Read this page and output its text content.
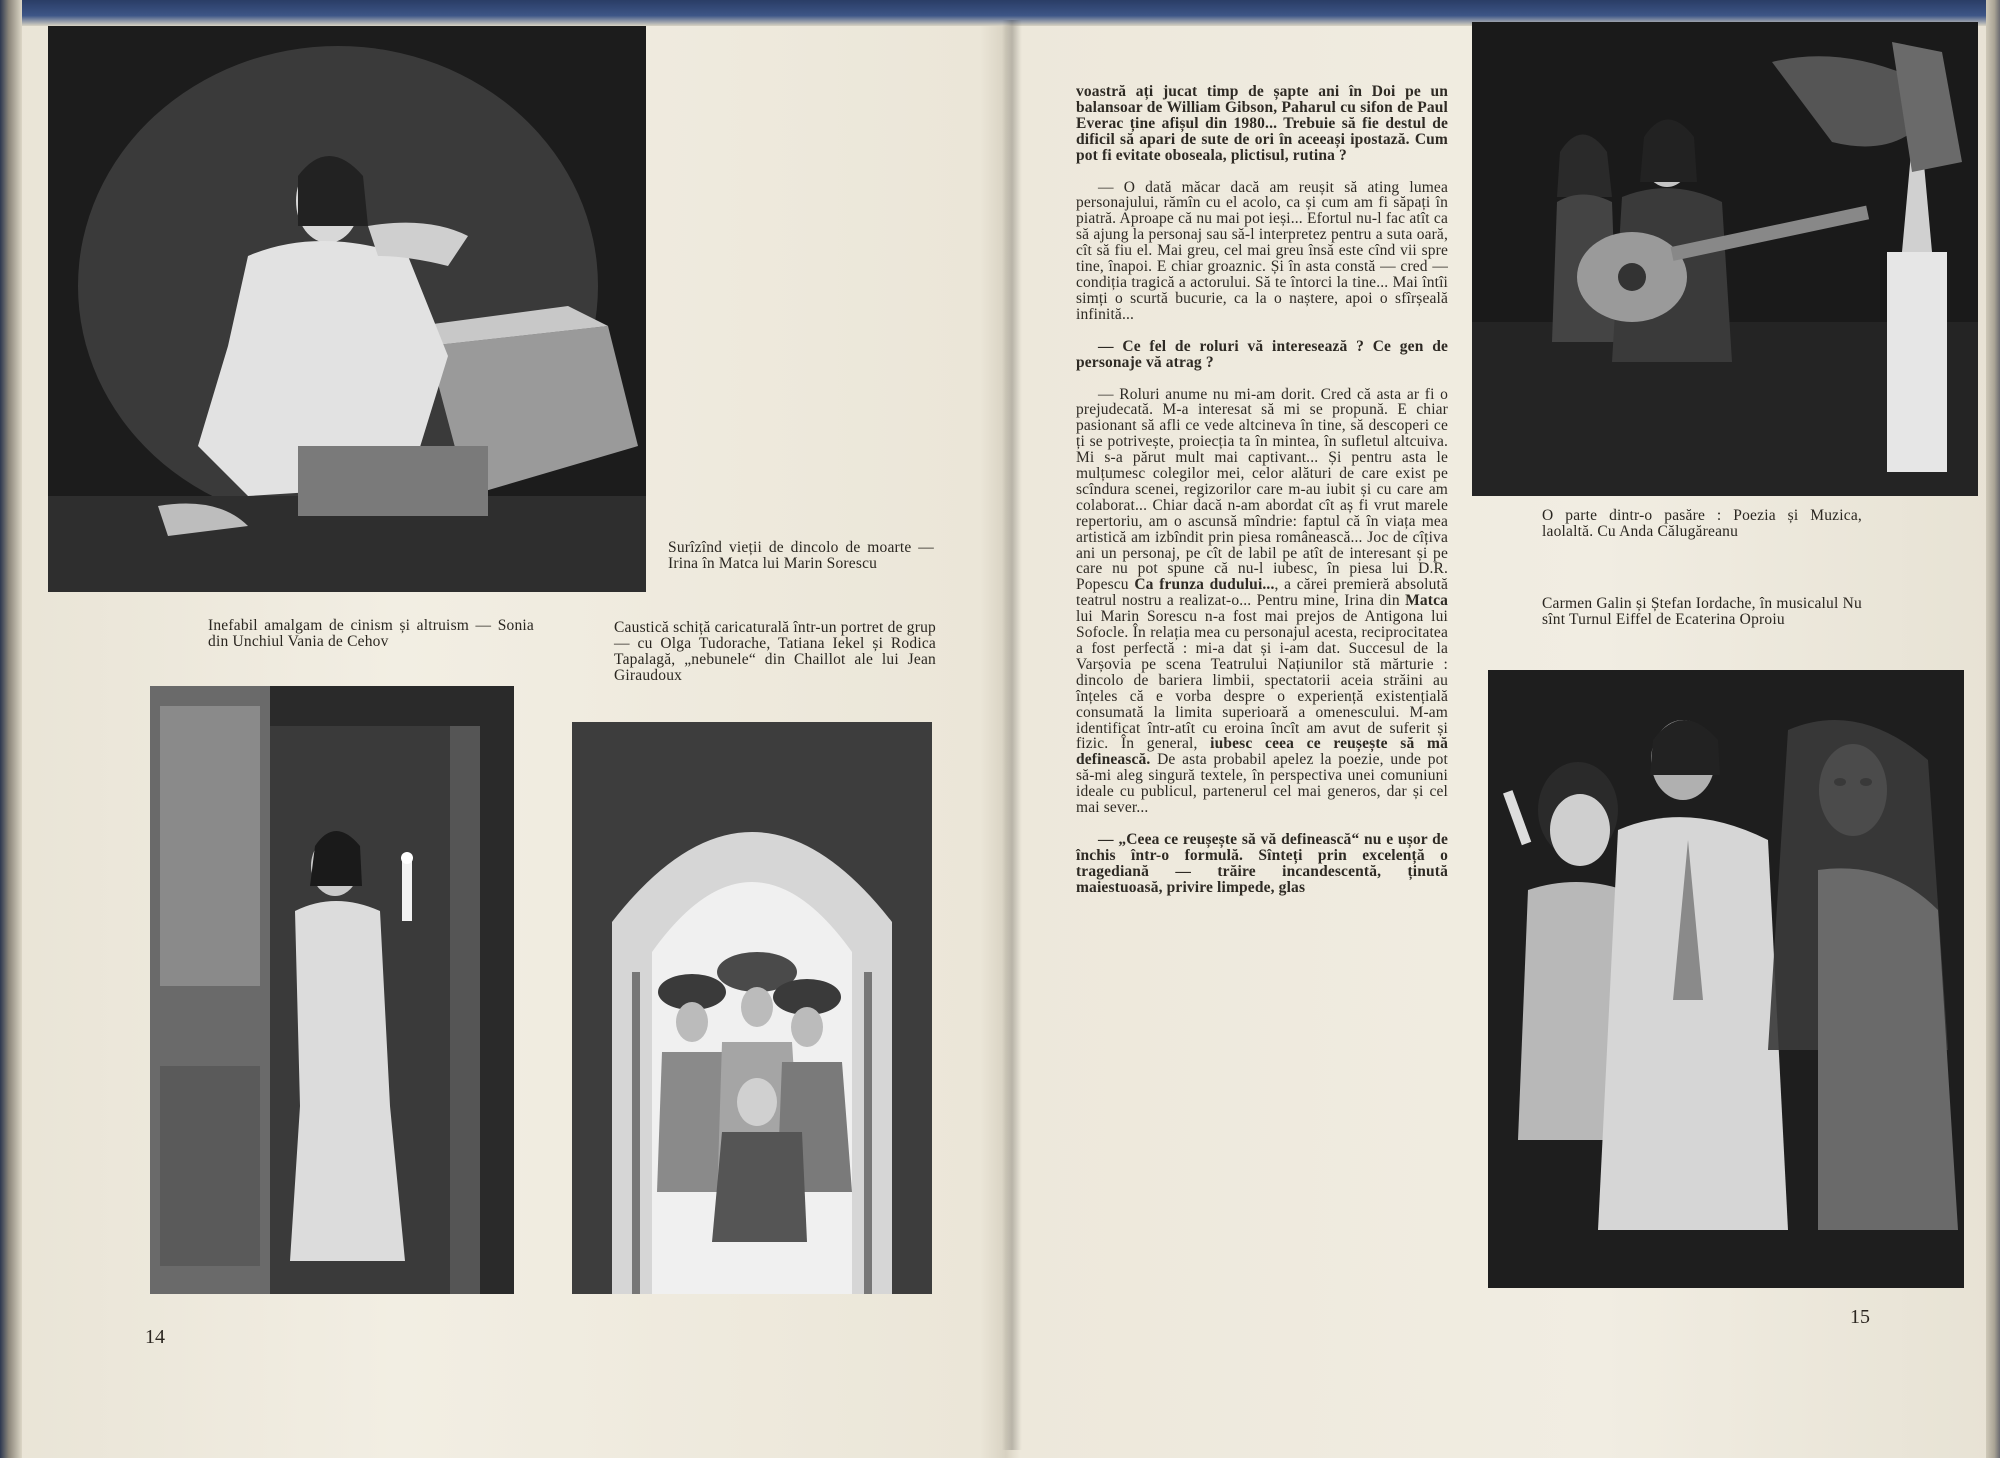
Surîzînd vieții de dincolo de moarte — Irina în Matca lui Marin Sorescu
Inefabil amalgam de cinism și altruism — Sonia din Unchiul Vania de Cehov
Caustică schiță caricaturală într-un portret de grup — cu Olga Tudorache, Tatiana Iekel și Rodica Tapalagă, „nebunele“ din Chaillot ale lui Jean Giraudoux
14

voastră ați jucat timp de șapte ani în Doi pe un balansoar de William Gibson, Paharul cu sifon de Paul Everac ține afișul din 1980... Trebuie să fie destul de dificil să apari de sute de ori în aceeași ipostază. Cum pot fi evitate oboseala, plictisul, rutina ?

— O dată măcar dacă am reușit să ating lumea personajului, rămîn cu el acolo, ca și cum am fi săpați în piatră. Aproape că nu mai pot ieși... Efortul nu-l fac atît ca să ajung la personaj sau să-l interpretez pentru a suta oară, cît să fiu el. Mai greu, cel mai greu însă este cînd vii spre tine, înapoi. E chiar groaznic. Și în asta constă — cred — condiția tragică a actorului. Să te întorci la tine... Mai întîi simți o scurtă bucurie, ca la o naștere, apoi o sfîrșeală infinită...

— Ce fel de roluri vă interesează ? Ce gen de personaje vă atrag ?

— Roluri anume nu mi-am dorit. Cred că asta ar fi o prejudecată. M-a interesat să mi se propună. E chiar pasionant să afli ce vede altcineva în tine, să descoperi ce ți se potrivește, proiecția ta în mintea, în sufletul altcuiva. Mi s-a părut mult mai captivant... Și pentru asta le mulțumesc colegilor mei, celor alături de care exist pe scîndura scenei, regizorilor care m-au iubit și cu care am colaborat... Chiar dacă n-am abordat cît aș fi vrut marele repertoriu, am o ascunsă mîndrie: faptul că în viața mea artistică am izbîndit prin piesa românească... Joc de cîțiva ani un personaj, pe cît de labil pe atît de interesant și pe care nu pot spune că nu-l iubesc, în piesa lui D.R. Popescu Ca frunza dudului..., a cărei premieră absolută teatrul nostru a realizat-o... Pentru mine, Irina din Matca lui Marin Sorescu n-a fost mai prejos de Antigona lui Sofocle. În relația mea cu personajul acesta, reciprocitatea a fost perfectă : mi-a dat și i-am dat. Succesul de la Varșovia pe scena Teatrului Națiunilor stă mărturie : dincolo de bariera limbii, spectatorii aceia străini au înțeles că e vorba despre o experiență existențială consumată la limita superioară a omenescului. M-am identificat într-atît cu eroina încît am avut de suferit și fizic. În general, iubesc ceea ce reușește să mă definească. De asta probabil apelez la poezie, unde pot să-mi aleg singură textele, în perspectiva unei comuniuni ideale cu publicul, partenerul cel mai generos, dar și cel mai sever...

— „Ceea ce reușește să vă definească“ nu e ușor de închis într-o formulă. Sînteți prin excelență o tragediană — trăire incandescentă, ținută maiestuoasă, privire limpede, glas

O parte dintr-o pasăre : Poezia și Muzica, laolaltă. Cu Anda Călugăreanu
Carmen Galin și Ștefan Iordache, în musicalul Nu sînt Turnul Eiffel de Ecaterina Oproiu
15
